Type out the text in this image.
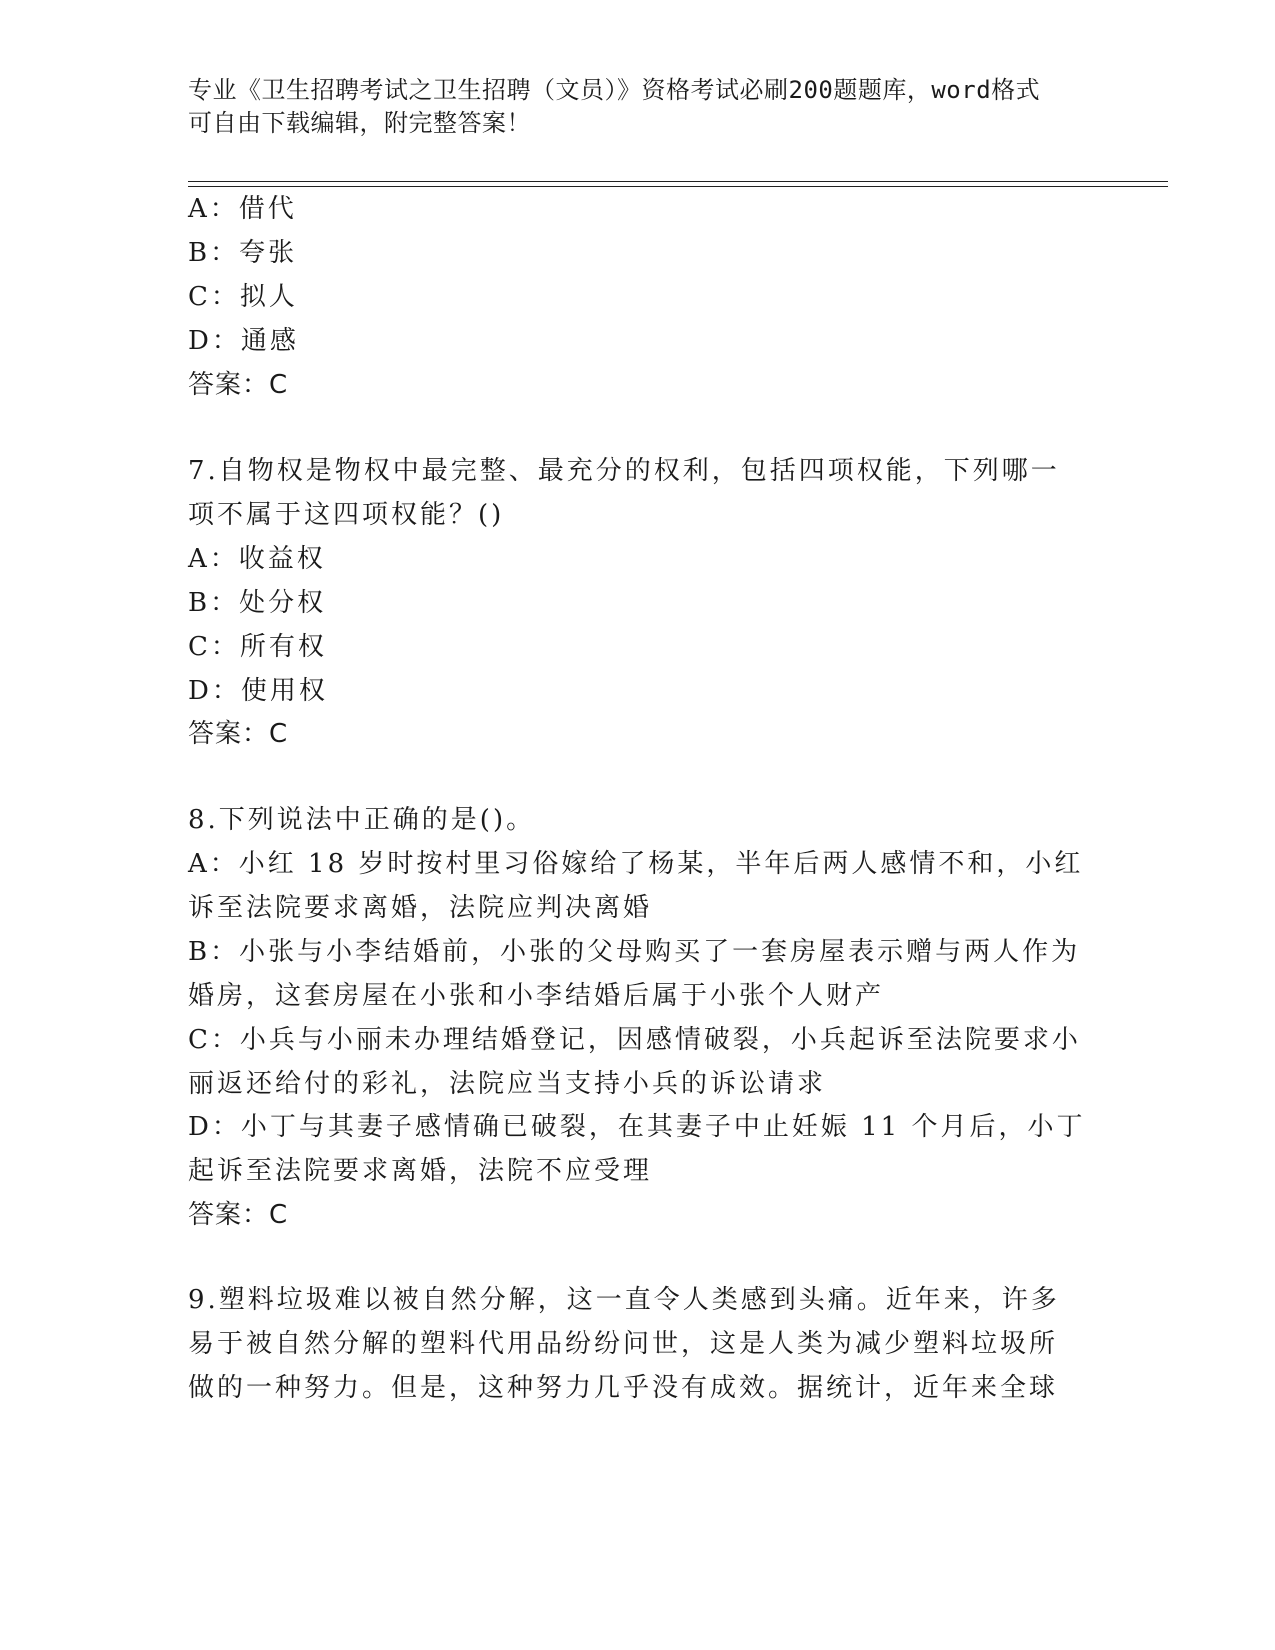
专业《卫生招聘考试之卫生招聘（文员）》资格考试必刷200题题库，word格式
可自由下载编辑，附完整答案！
A：借代
B：夸张
C：拟人
D：通感
答案：C
7.自物权是物权中最完整、最充分的权利，包括四项权能，下列哪一
项不属于这四项权能？()
A：收益权
B：处分权
C：所有权
D：使用权
答案：C
8.下列说法中正确的是()。
A：小红 18 岁时按村里习俗嫁给了杨某，半年后两人感情不和，小红
诉至法院要求离婚，法院应判决离婚
B：小张与小李结婚前，小张的父母购买了一套房屋表示赠与两人作为
婚房，这套房屋在小张和小李结婚后属于小张个人财产
C：小兵与小丽未办理结婚登记，因感情破裂，小兵起诉至法院要求小
丽返还给付的彩礼，法院应当支持小兵的诉讼请求
D：小丁与其妻子感情确已破裂，在其妻子中止妊娠 11 个月后，小丁
起诉至法院要求离婚，法院不应受理
答案：C
9.塑料垃圾难以被自然分解，这一直令人类感到头痛。近年来，许多
易于被自然分解的塑料代用品纷纷问世，这是人类为减少塑料垃圾所
做的一种努力。但是，这种努力几乎没有成效。据统计，近年来全球
